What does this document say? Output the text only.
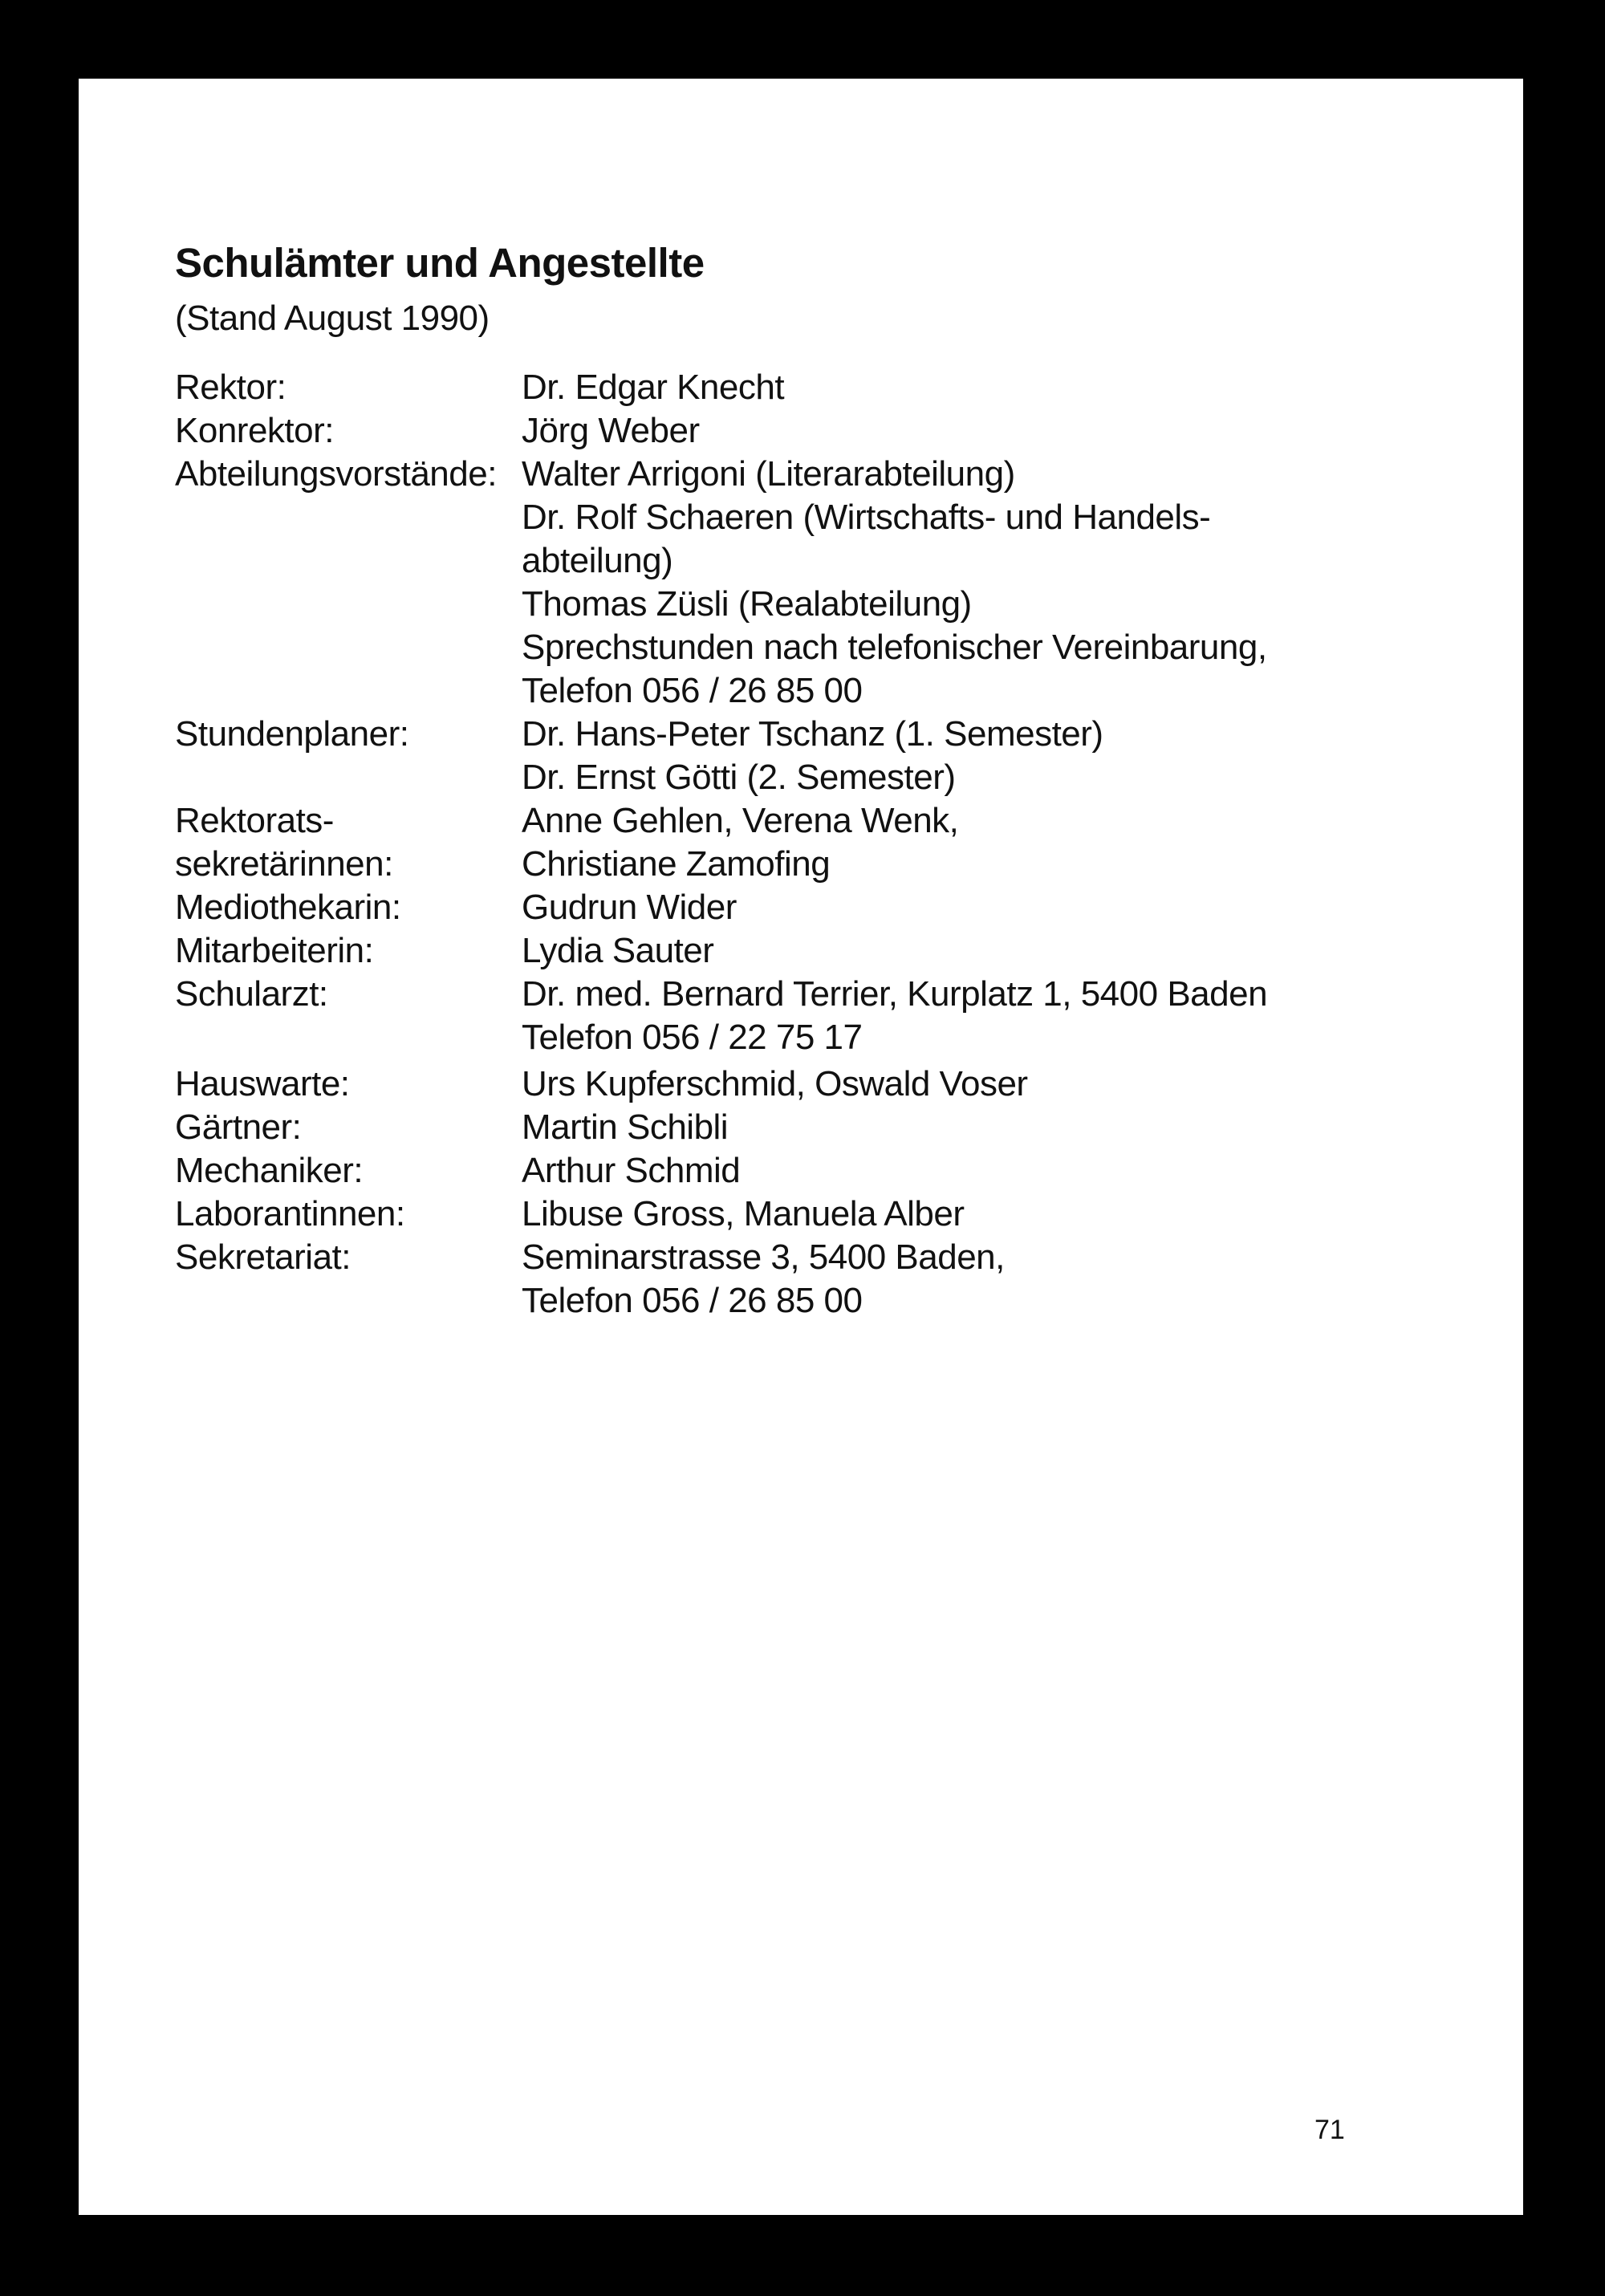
Schulämter und Angestellte

(Stand August 1990)

Rektor:	Dr. Edgar Knecht
Konrektor:	Jörg Weber
Abteilungsvorstände: Walter Arrigoni (Literarabteilung)
Dr. Rolf Schaeren (Wirtschafts- und Handels-
abteilung)
Thomas Züsli (Realabteilung)
Sprechstunden nach telefonischer Vereinbarung,
Telefon 056 / 26 85 00
Stundenplaner:	Dr. Hans-Peter Tschanz (1. Semester)
Dr. Ernst Götti (2. Semester)
Rektorats-
sekretärinnen:
Anne Gehlen, Verena Wenk,
Christiane Zamofing
Mediothekarin:	Gudrun Wider
Mitarbeiterin:	Lydia Sauter
Schularzt:	Dr. med. Bernard Terrier, Kurplatz 1, 5400 Baden
Telefon 056 / 22 75 17
Hauswarte:	Urs Kupferschmid, Oswald Voser
Gärtner:	Martin Schibli
Mechaniker:	Arthur Schmid
Laborantinnen:	Libuse Gross, Manuela Alber
Sekretariat:	Seminarstrasse 3, 5400 Baden,
Telefon 056 / 26 85 00
71
